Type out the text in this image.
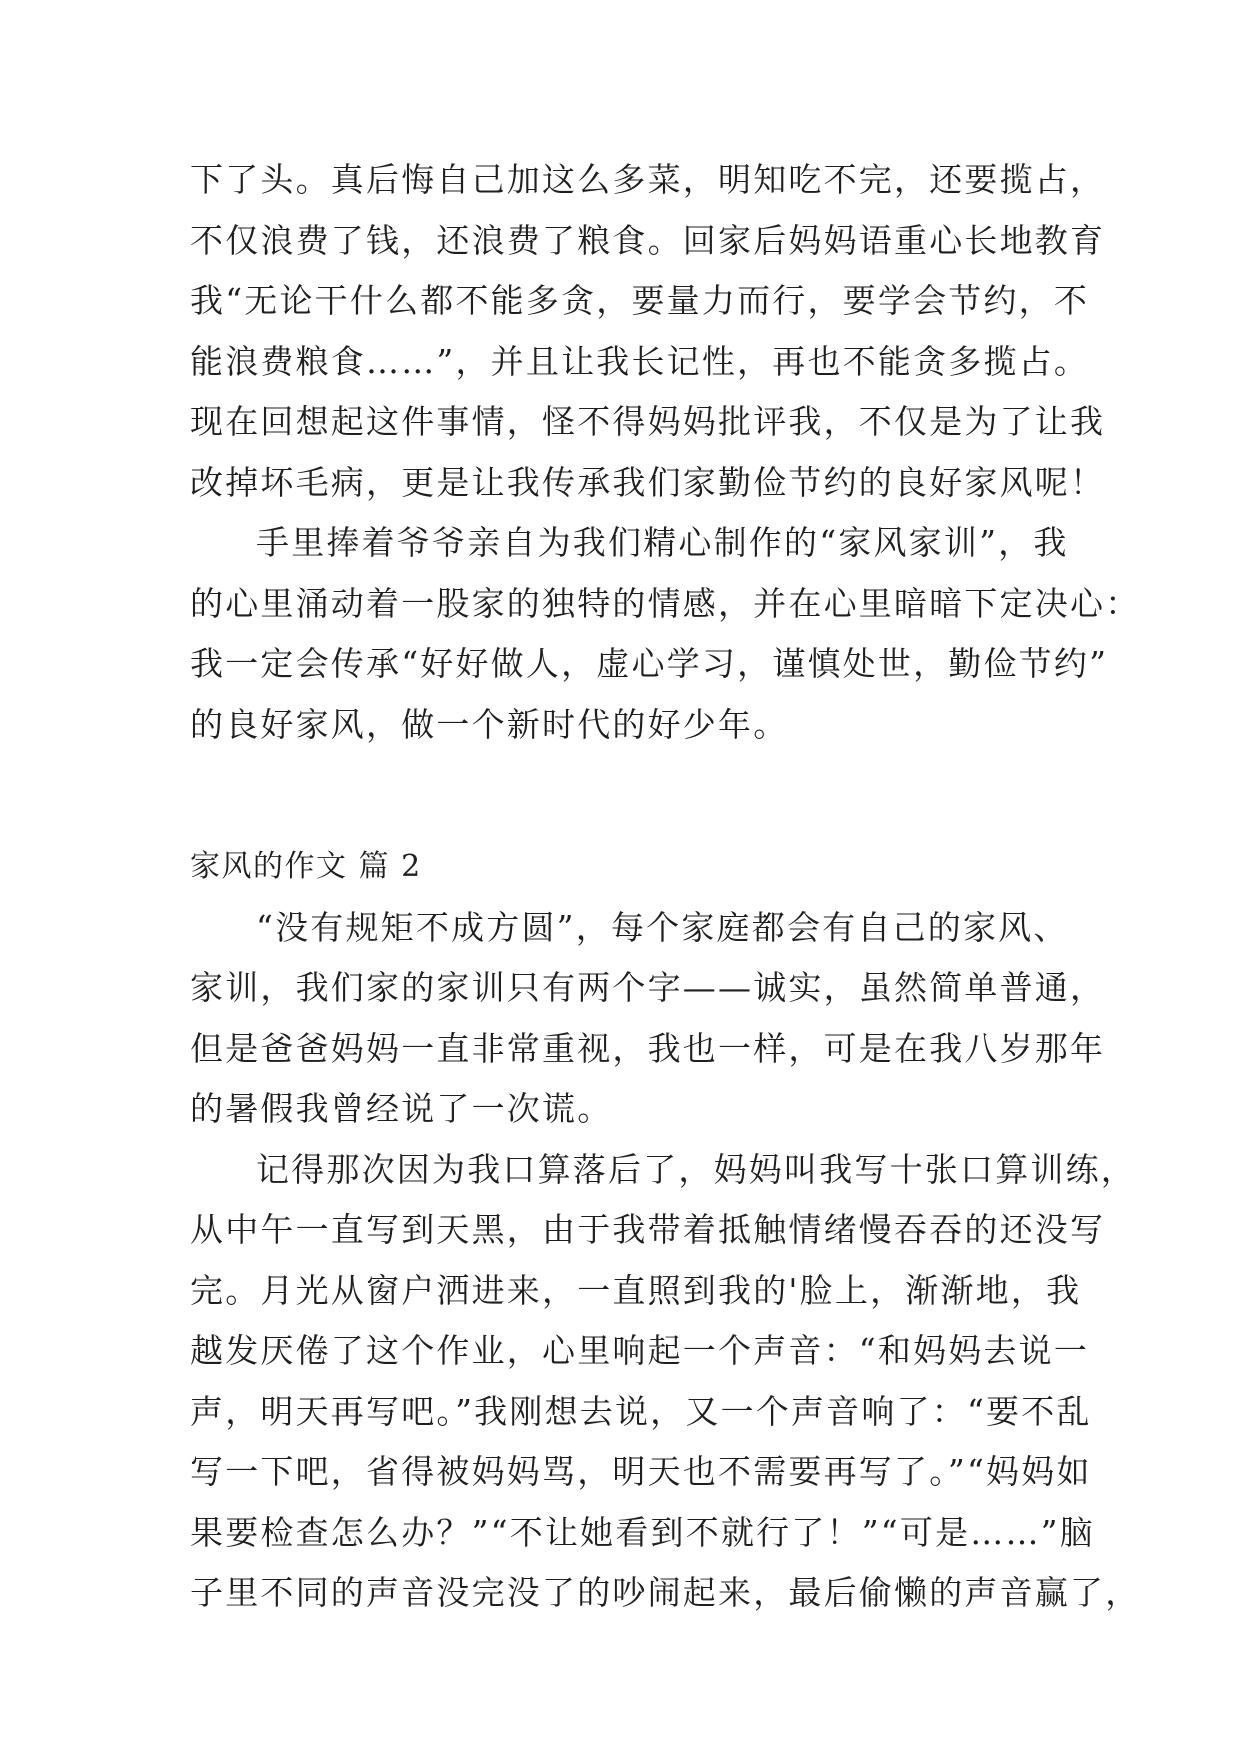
下了头。真后悔自己加这么多菜，明知吃不完，还要揽占，
不仅浪费了钱，还浪费了粮食。回家后妈妈语重心长地教育
我“无论干什么都不能多贪，要量力而行，要学会节约，不
能浪费粮食……”，并且让我长记性，再也不能贪多揽占。
现在回想起这件事情，怪不得妈妈批评我，不仅是为了让我
改掉坏毛病，更是让我传承我们家勤俭节约的良好家风呢！
手里捧着爷爷亲自为我们精心制作的“家风家训”，我
的心里涌动着一股家的独特的情感，并在心里暗暗下定决心：
我一定会传承“好好做人，虚心学习，谨慎处世，勤俭节约”
的良好家风，做一个新时代的好少年。
家风的作文 篇 2
“没有规矩不成方圆”，每个家庭都会有自己的家风、
家训，我们家的家训只有两个字——诚实，虽然简单普通，
但是爸爸妈妈一直非常重视，我也一样，可是在我八岁那年
的暑假我曾经说了一次谎。
记得那次因为我口算落后了，妈妈叫我写十张口算训练，
从中午一直写到天黑，由于我带着抵触情绪慢吞吞的还没写
完。月光从窗户洒进来，一直照到我的'脸上，渐渐地，我
越发厌倦了这个作业，心里响起一个声音：“和妈妈去说一
声，明天再写吧。”我刚想去说，又一个声音响了：“要不乱
写一下吧，省得被妈妈骂，明天也不需要再写了。”“妈妈如
果要检查怎么办？”“不让她看到不就行了！”“可是……”脑
子里不同的声音没完没了的吵闹起来，最后偷懒的声音赢了，
